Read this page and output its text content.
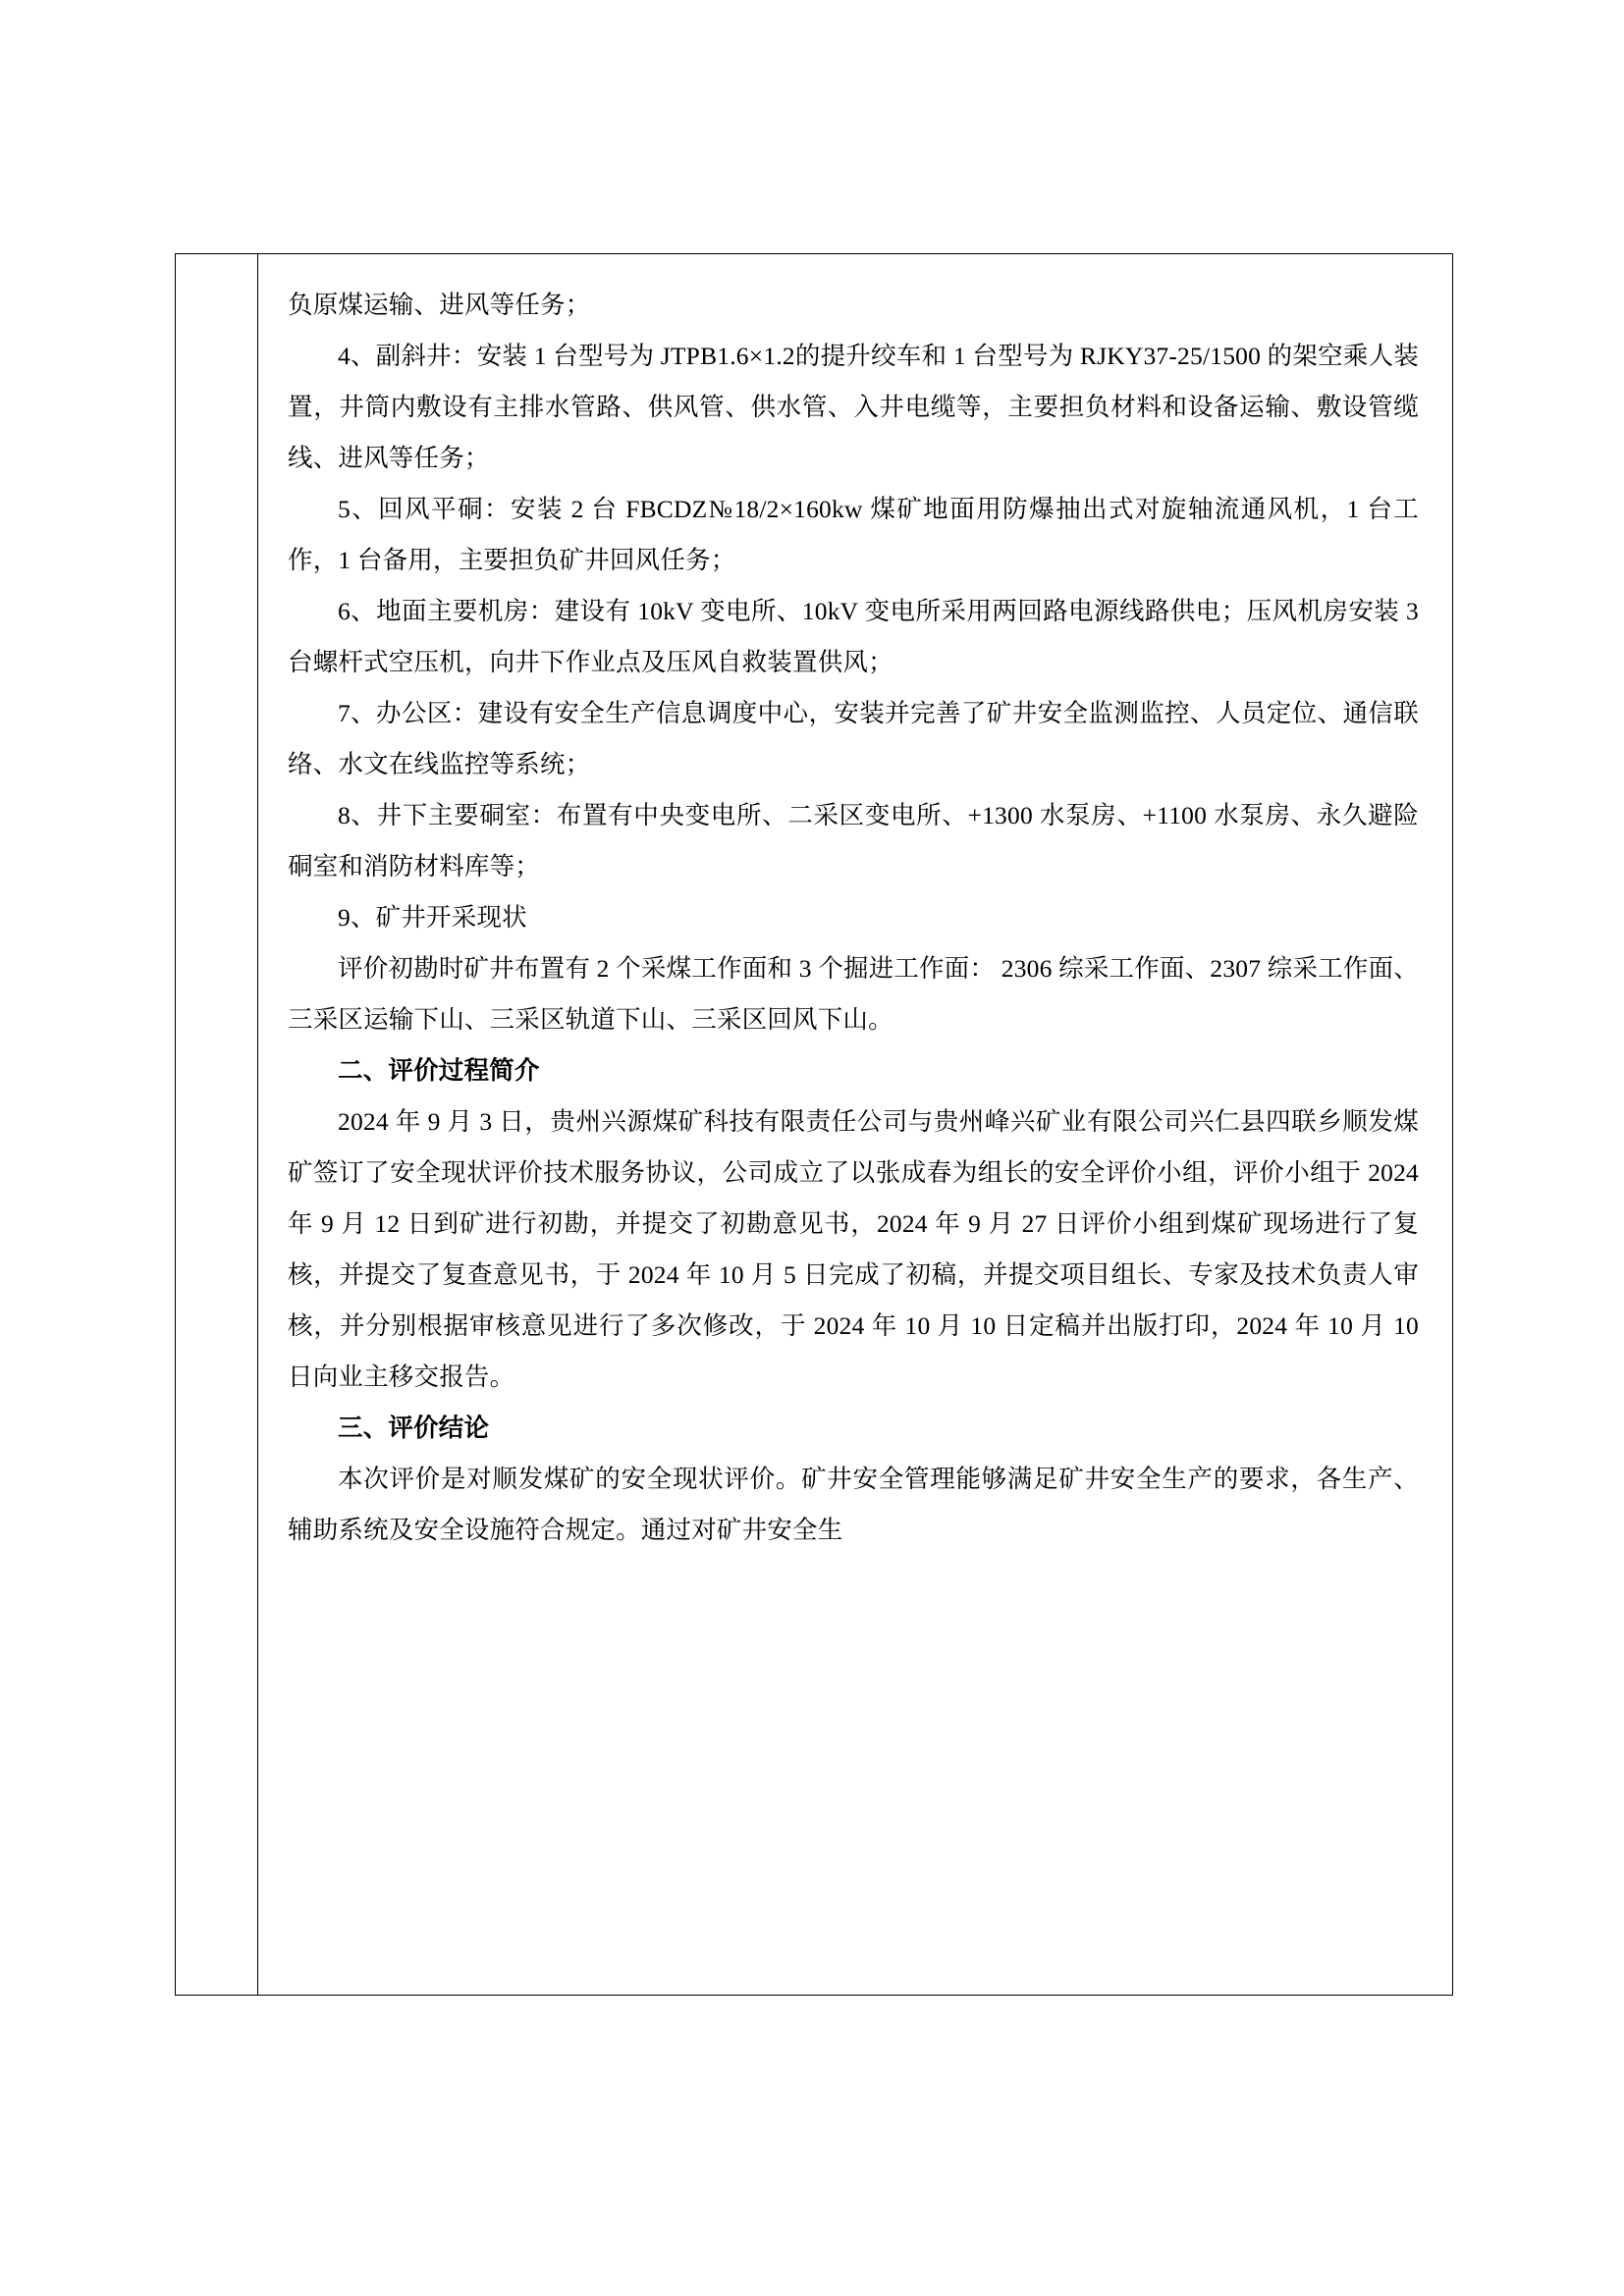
负原煤运输、进风等任务；

4、副斜井：安装 1 台型号为 JTPB1.6×1.2的提升绞车和 1 台型号为 RJKY37-25/1500 的架空乘人装置，井筒内敷设有主排水管路、供风管、供水管、入井电缆等，主要担负材料和设备运输、敷设管缆线、进风等任务；

5、回风平硐：安装 2 台 FBCDZ№18/2×160kw 煤矿地面用防爆抽出式对旋轴流通风机，1 台工作，1 台备用，主要担负矿井回风任务；

6、地面主要机房：建设有 10kV 变电所、10kV 变电所采用两回路电源线路供电；压风机房安装 3 台螺杆式空压机，向井下作业点及压风自救装置供风；

7、办公区：建设有安全生产信息调度中心，安装并完善了矿井安全监测监控、人员定位、通信联络、水文在线监控等系统；

8、井下主要硐室：布置有中央变电所、二采区变电所、+1300 水泵房、+1100 水泵房、永久避险硐室和消防材料库等；

9、矿井开采现状

评价初勘时矿井布置有 2 个采煤工作面和 3 个掘进工作面： 2306 综采工作面、2307 综采工作面、三采区运输下山、三采区轨道下山、三采区回风下山。

二、评价过程简介

2024 年 9 月 3 日，贵州兴源煤矿科技有限责任公司与贵州峰兴矿业有限公司兴仁县四联乡顺发煤矿签订了安全现状评价技术服务协议，公司成立了以张成春为组长的安全评价小组，评价小组于 2024 年 9 月 12 日到矿进行初勘，并提交了初勘意见书，2024 年 9 月 27 日评价小组到煤矿现场进行了复核，并提交了复查意见书，于 2024 年 10 月 5 日完成了初稿，并提交项目组长、专家及技术负责人审核，并分别根据审核意见进行了多次修改，于 2024 年 10 月 10 日定稿并出版打印，2024 年 10 月 10 日向业主移交报告。

三、评价结论

本次评价是对顺发煤矿的安全现状评价。矿井安全管理能够满足矿井安全生产的要求，各生产、辅助系统及安全设施符合规定。通过对矿井安全生
